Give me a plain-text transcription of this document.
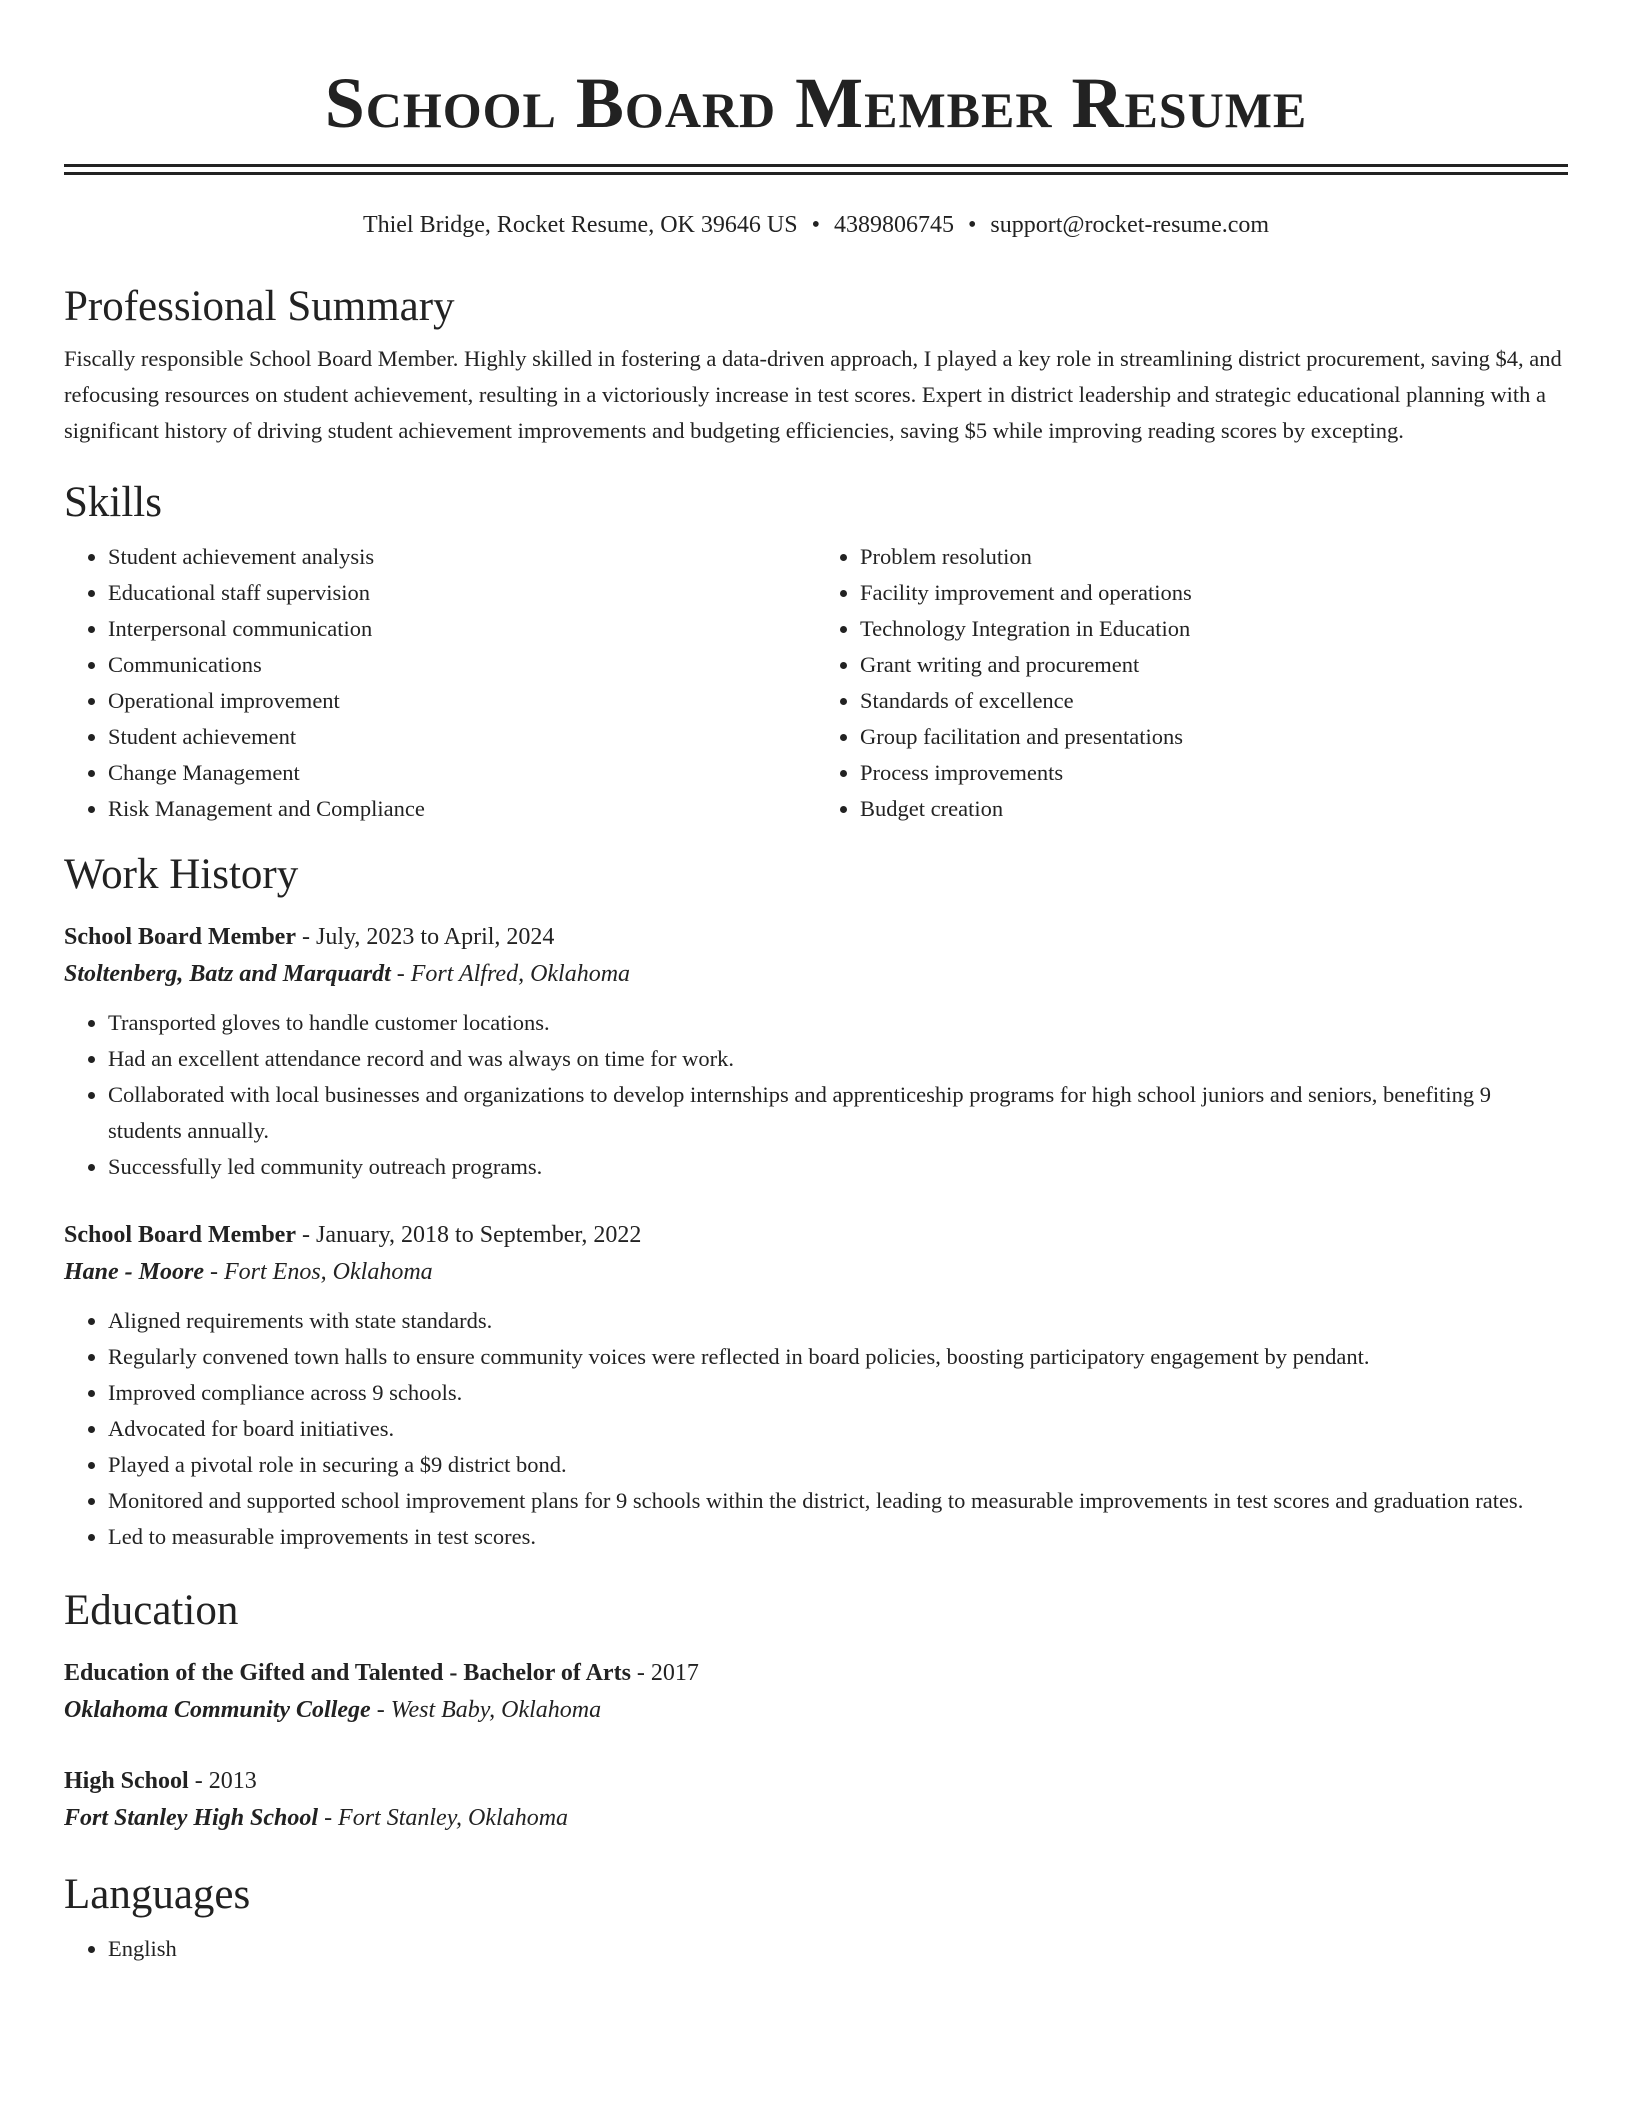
School Board Member Resume
Thiel Bridge, Rocket Resume, OK 39646 US • 4389806745 • support@rocket-resume.com
Professional Summary

Fiscally responsible School Board Member. Highly skilled in fostering a data-driven approach, I played a key role in streamlining district procurement, saving $4, and refocusing resources on student achievement, resulting in a victoriously increase in test scores. Expert in district leadership and strategic educational planning with a significant history of driving student achievement improvements and budgeting efficiencies, saving $5 while improving reading scores by excepting.

Skills
• Student achievement analysis
• Educational staff supervision
• Interpersonal communication
• Communications
• Operational improvement
• Student achievement
• Change Management
• Risk Management and Compliance
• Problem resolution
• Facility improvement and operations
• Technology Integration in Education
• Grant writing and procurement
• Standards of excellence
• Group facilitation and presentations
• Process improvements
• Budget creation
Work History
School Board Member - July, 2023 to April, 2024
Stoltenberg, Batz and Marquardt - Fort Alfred, Oklahoma
• Transported gloves to handle customer locations.
• Had an excellent attendance record and was always on time for work.
• Collaborated with local businesses and organizations to develop internships and apprenticeship programs for high school juniors and seniors, benefiting 9 students annually.
• Successfully led community outreach programs.
School Board Member - January, 2018 to September, 2022
Hane - Moore - Fort Enos, Oklahoma
• Aligned requirements with state standards.
• Regularly convened town halls to ensure community voices were reflected in board policies, boosting participatory engagement by pendant.
• Improved compliance across 9 schools.
• Advocated for board initiatives.
• Played a pivotal role in securing a $9 district bond.
• Monitored and supported school improvement plans for 9 schools within the district, leading to measurable improvements in test scores and graduation rates.
• Led to measurable improvements in test scores.
Education
Education of the Gifted and Talented - Bachelor of Arts - 2017
Oklahoma Community College - West Baby, Oklahoma
High School - 2013
Fort Stanley High School - Fort Stanley, Oklahoma
Languages
• English
